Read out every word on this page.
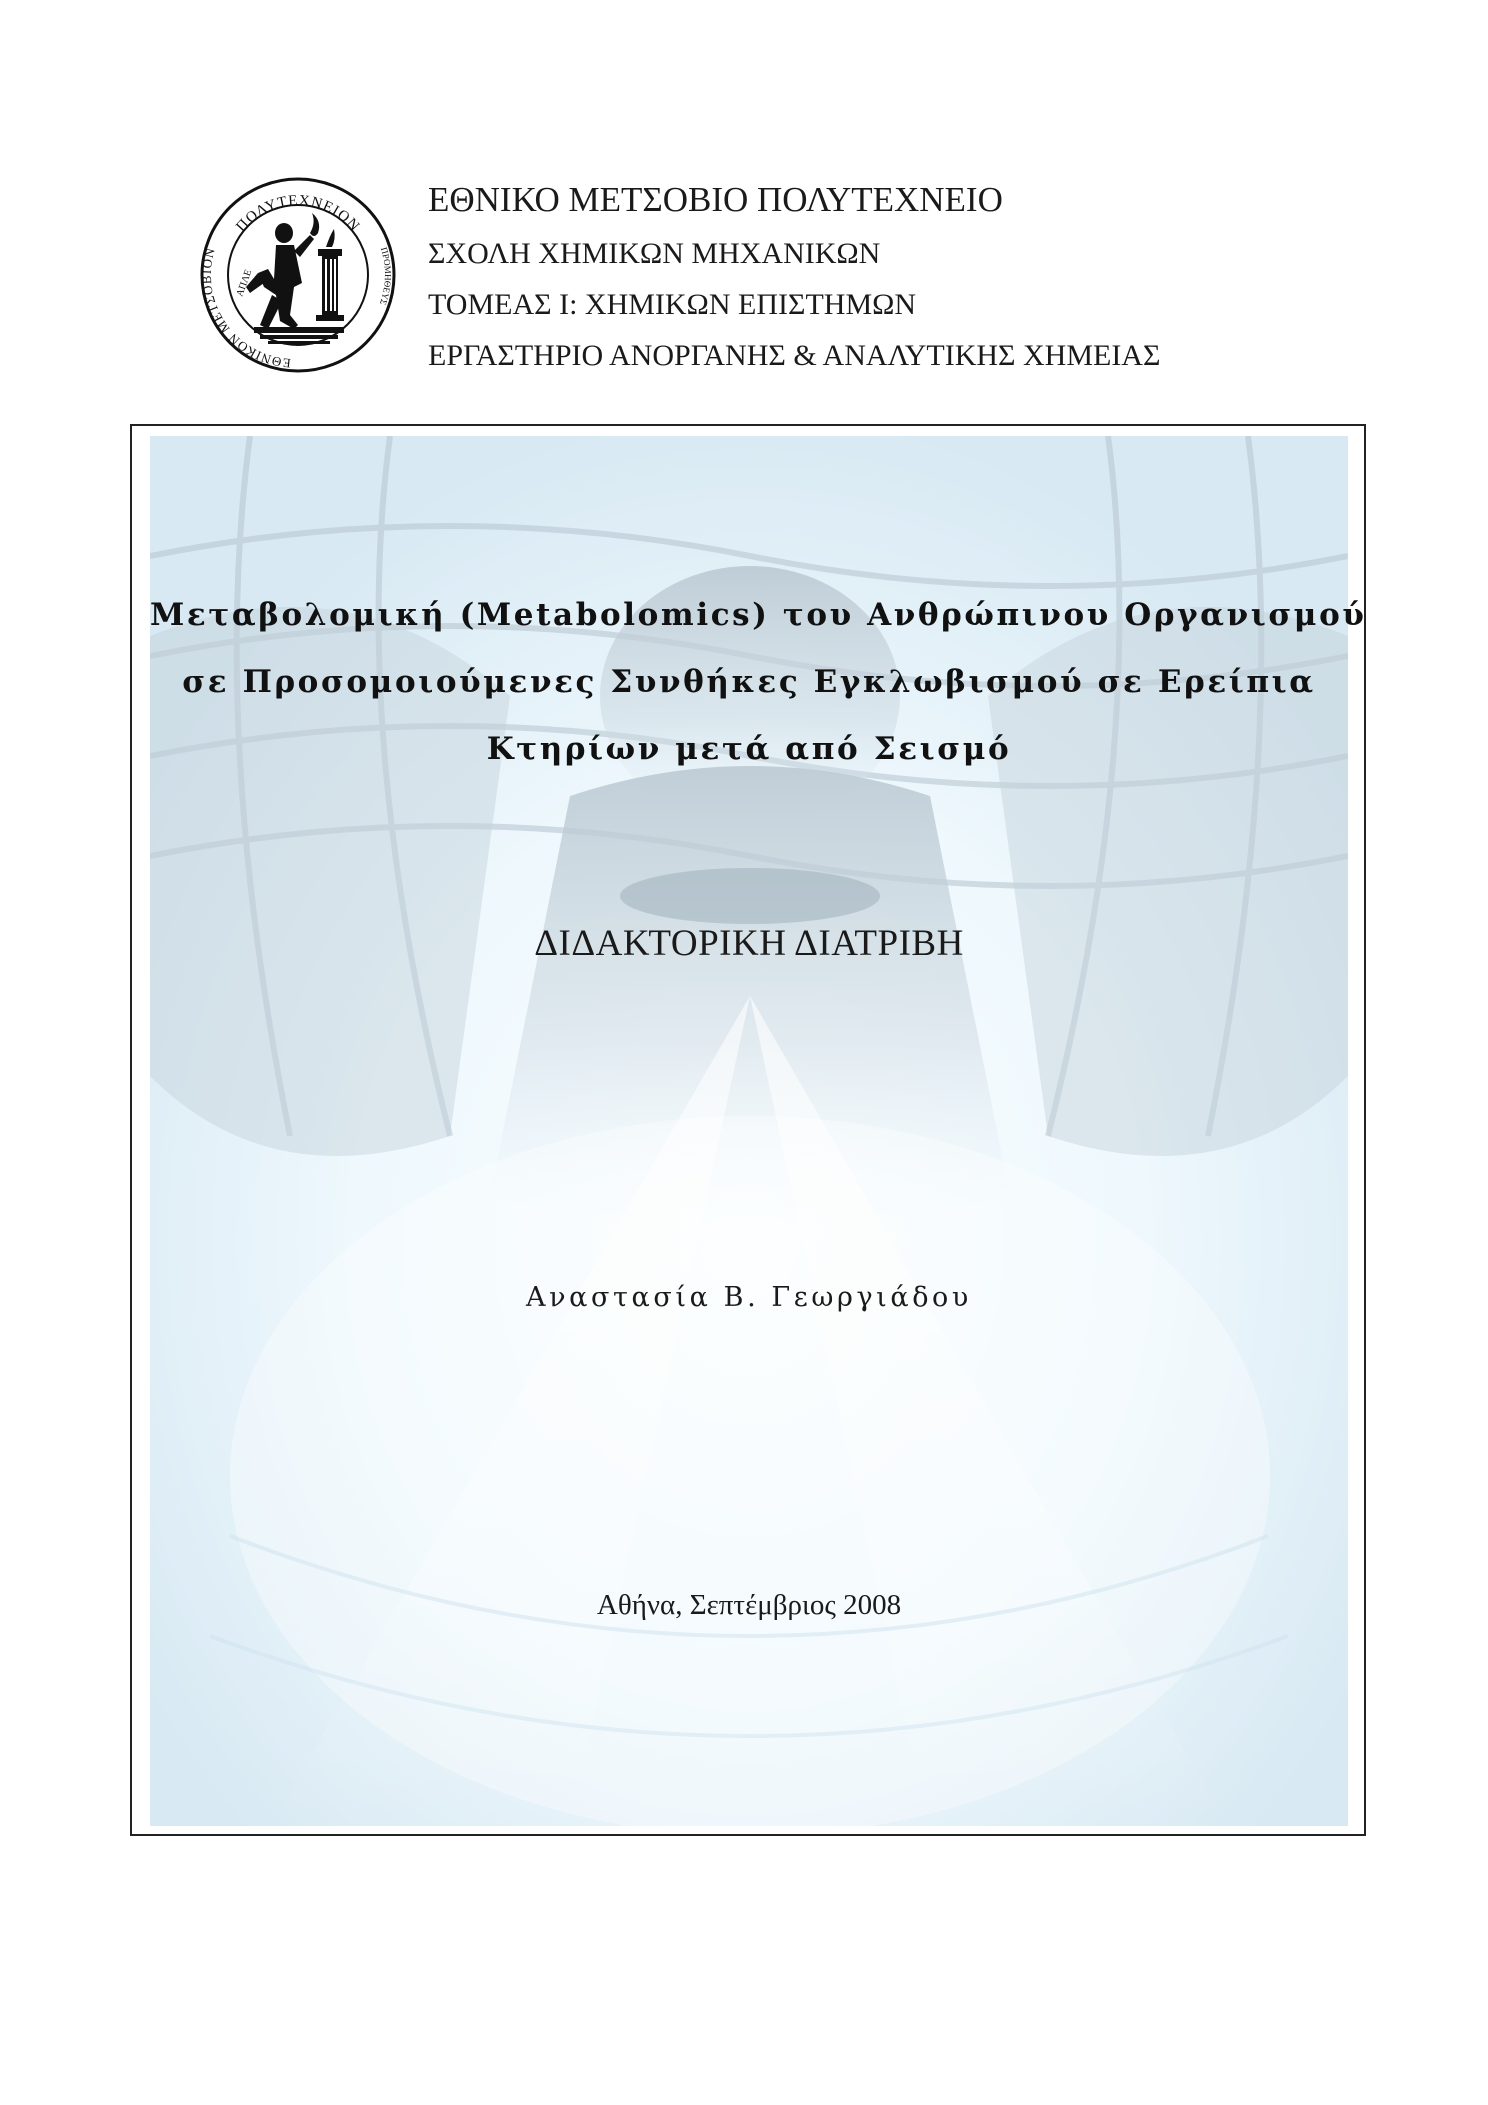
ΠΡΟΜΗΘΕΥΣ
ΑΠΛΕ
ΠΟΛΥΤΕΧΝΕΙΟΝ
ΕΘΝΙΚΟΝ ΜΕΤΣΟΒΙΟΝ
ΕΘΝΙΚΟ ΜΕΤΣΟΒΙΟ ΠΟΛΥΤΕΧΝΕΙΟ
ΣΧΟΛΗ ΧΗΜΙΚΩΝ ΜΗΧΑΝΙΚΩΝ
ΤΟΜΕΑΣ Ι: ΧΗΜΙΚΩΝ ΕΠΙΣΤΗΜΩΝ
ΕΡΓΑΣΤΗΡΙΟ ΑΝΟΡΓΑΝΗΣ & ΑΝΑΛΥΤΙΚΗΣ ΧΗΜΕΙΑΣ
Μεταβολομική (Metabolomics) του Ανθρώπινου Οργανισμού
σε Προσομοιούμενες Συνθήκες Εγκλωβισμού σε Ερείπια
Κτηρίων μετά από Σεισμό
ΔΙΔΑΚΤΟΡΙΚΗ ΔΙΑΤΡΙΒΗ
Αναστασία Β. Γεωργιάδου
Αθήνα, Σεπτέμβριος 2008
